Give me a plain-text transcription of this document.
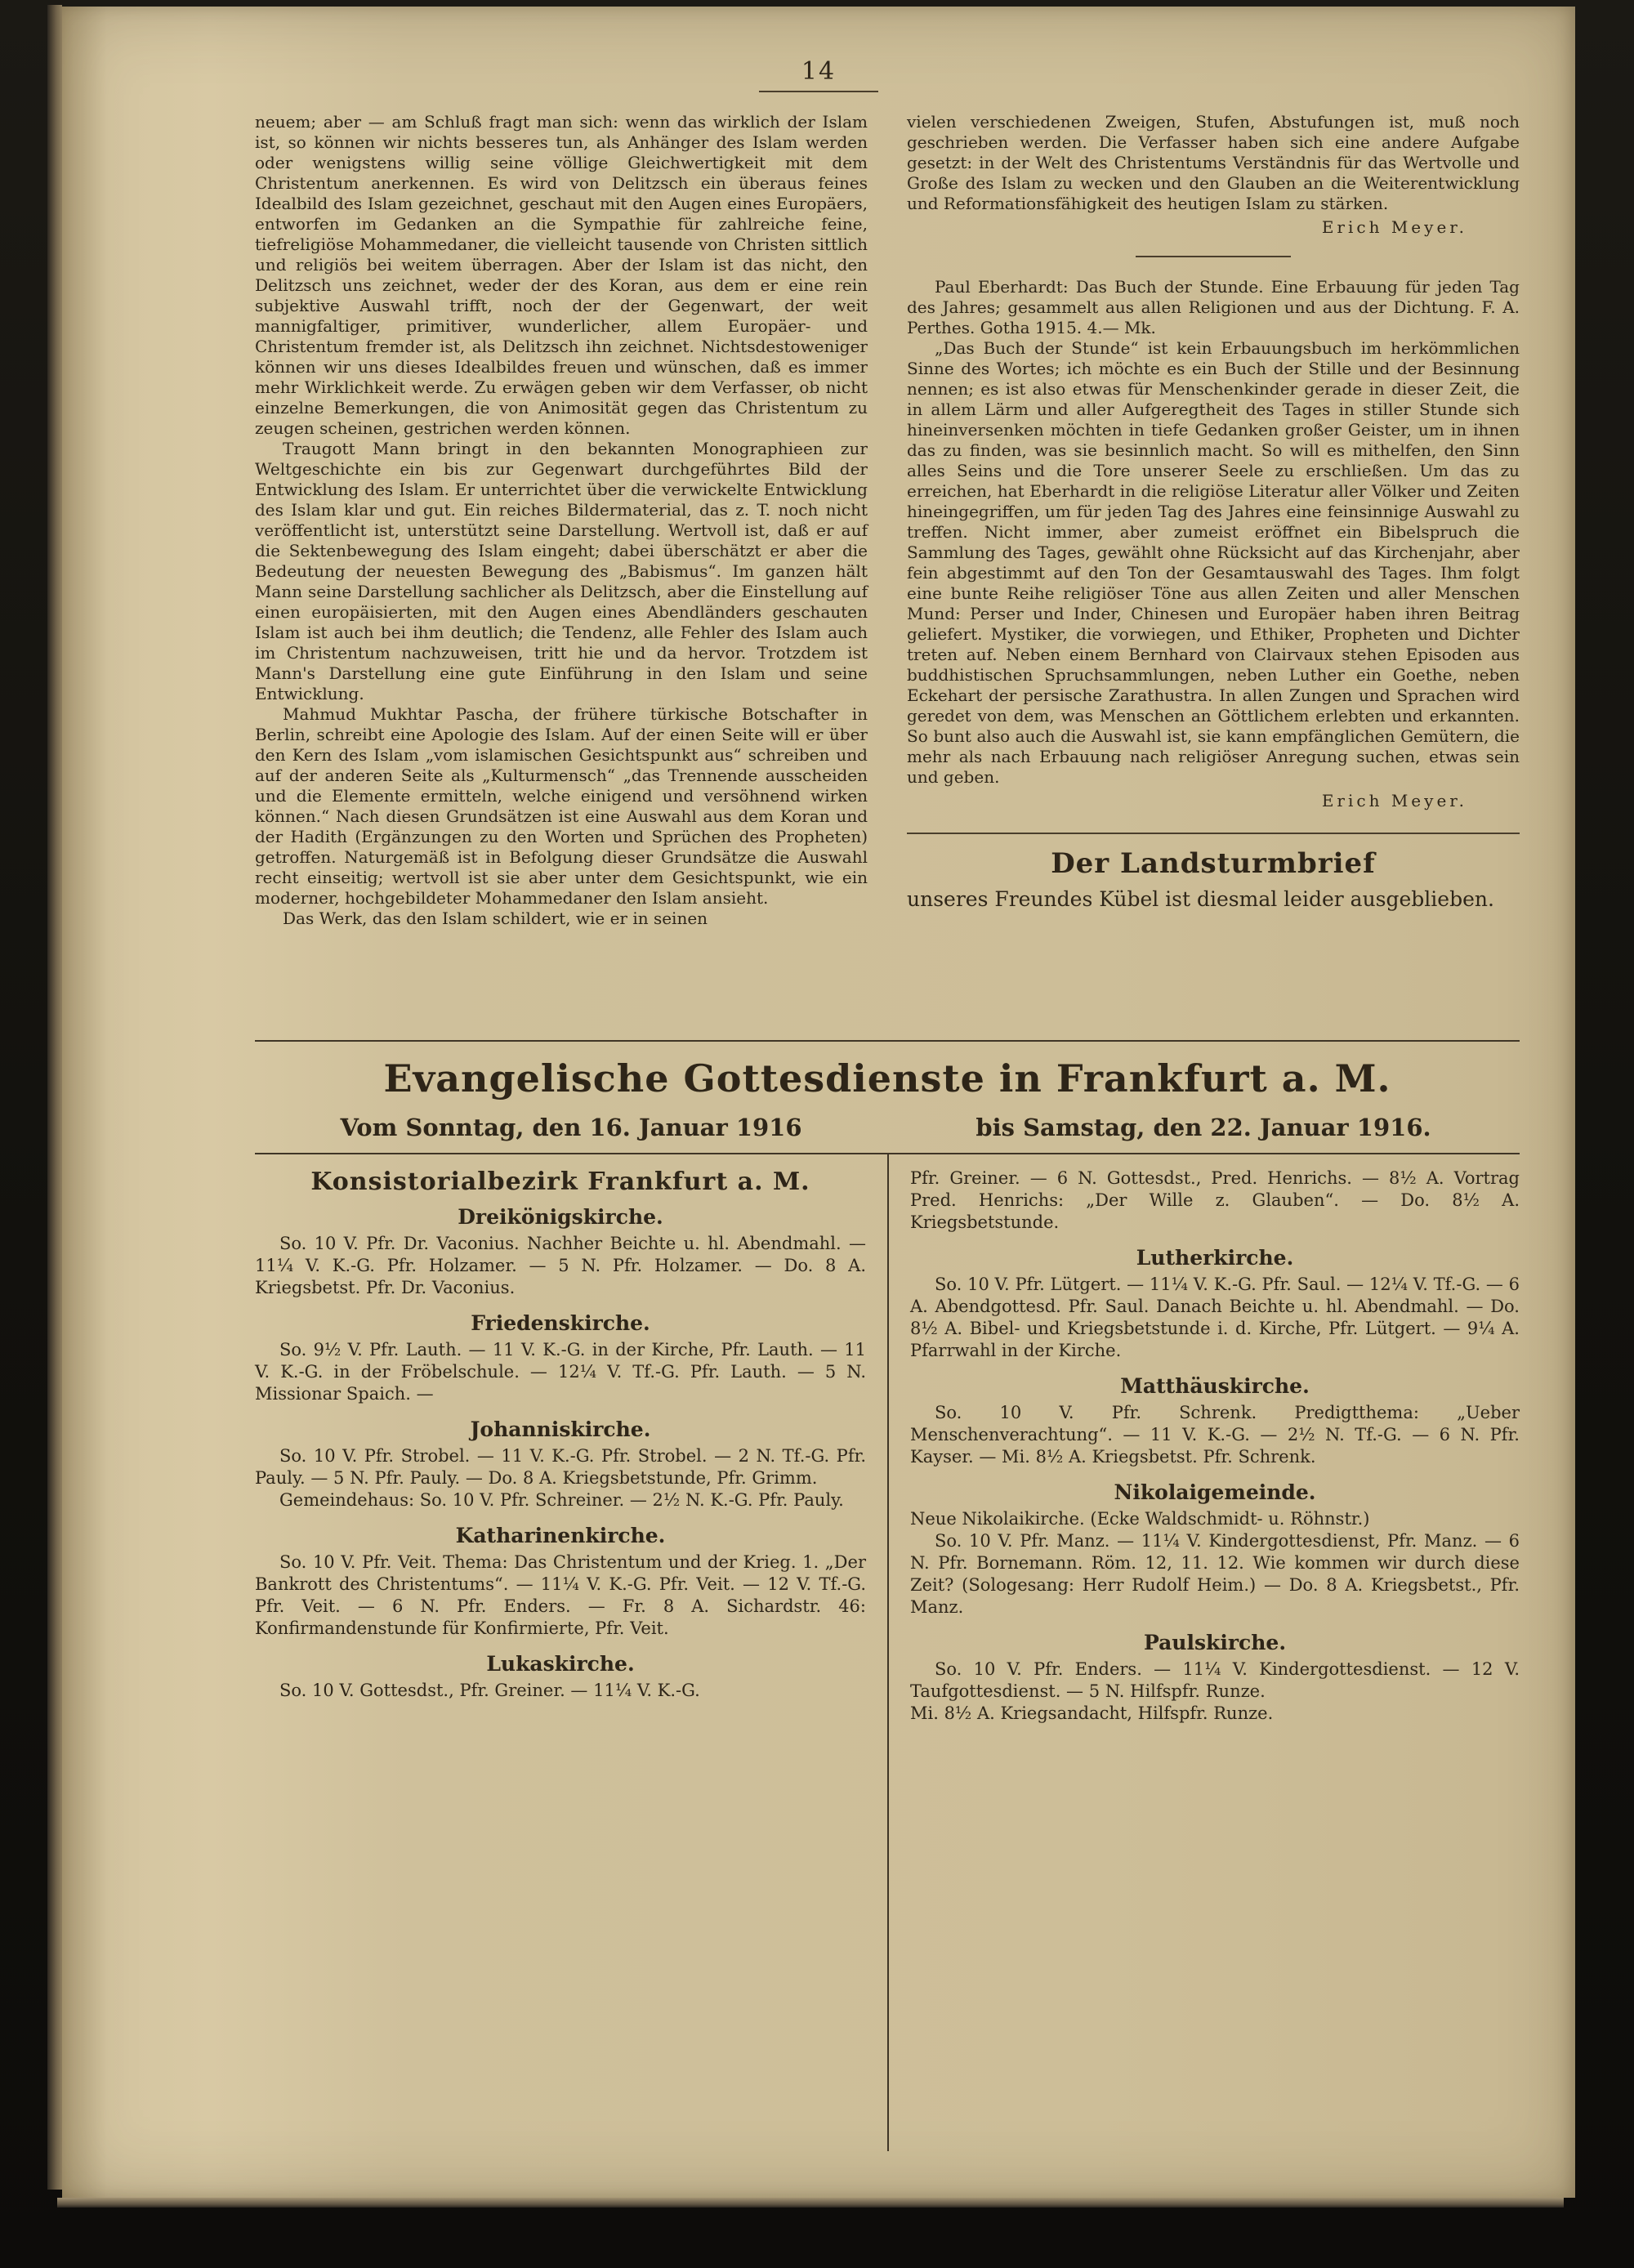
14

neuem; aber — am Schluß fragt man sich: wenn das wirklich der Islam ist, so können wir nichts besseres tun, als Anhänger des Islam werden oder wenigstens willig seine völlige Gleichwertigkeit mit dem Christentum anerkennen. Es wird von Delitzsch ein überaus feines Idealbild des Islam gezeichnet, geschaut mit den Augen eines Europäers, entworfen im Gedanken an die Sympathie für zahlreiche feine, tiefreligiöse Mohammedaner, die vielleicht tausende von Christen sittlich und religiös bei weitem überragen. Aber der Islam ist das nicht, den Delitzsch uns zeichnet, weder der des Koran, aus dem er eine rein subjektive Auswahl trifft, noch der der Gegenwart, der weit mannigfaltiger, primitiver, wunderlicher, allem Europäer- und Christentum fremder ist, als Delitzsch ihn zeichnet. Nichtsdestoweniger können wir uns dieses Idealbildes freuen und wünschen, daß es immer mehr Wirklichkeit werde. Zu erwägen geben wir dem Verfasser, ob nicht einzelne Bemerkungen, die von Animosität gegen das Christentum zu zeugen scheinen, gestrichen werden können.

Traugott Mann bringt in den bekannten Monographieen zur Weltgeschichte ein bis zur Gegenwart durchgeführtes Bild der Entwicklung des Islam. Er unterrichtet über die verwickelte Entwicklung des Islam klar und gut. Ein reiches Bildermaterial, das z. T. noch nicht veröffentlicht ist, unterstützt seine Darstellung. Wertvoll ist, daß er auf die Sektenbewegung des Islam eingeht; dabei überschätzt er aber die Bedeutung der neuesten Bewegung des „Babismus“. Im ganzen hält Mann seine Darstellung sachlicher als Delitzsch, aber die Einstellung auf einen europäisierten, mit den Augen eines Abendländers geschauten Islam ist auch bei ihm deutlich; die Tendenz, alle Fehler des Islam auch im Christentum nachzuweisen, tritt hie und da hervor. Trotzdem ist Mann's Darstellung eine gute Einführung in den Islam und seine Entwicklung.

Mahmud Mukhtar Pascha, der frühere türkische Botschafter in Berlin, schreibt eine Apologie des Islam. Auf der einen Seite will er über den Kern des Islam „vom islamischen Gesichtspunkt aus“ schreiben und auf der anderen Seite als „Kulturmensch“ „das Trennende ausscheiden und die Elemente ermitteln, welche einigend und versöhnend wirken können.“ Nach diesen Grundsätzen ist eine Auswahl aus dem Koran und der Hadith (Ergänzungen zu den Worten und Sprüchen des Propheten) getroffen. Naturgemäß ist in Befolgung dieser Grundsätze die Auswahl recht einseitig; wertvoll ist sie aber unter dem Gesichtspunkt, wie ein moderner, hochgebildeter Mohammedaner den Islam ansieht.

Das Werk, das den Islam schildert, wie er in seinen

vielen verschiedenen Zweigen, Stufen, Abstufungen ist, muß noch geschrieben werden. Die Verfasser haben sich eine andere Aufgabe gesetzt: in der Welt des Christentums Verständnis für das Wertvolle und Große des Islam zu wecken und den Glauben an die Weiterentwicklung und Reformationsfähigkeit des heutigen Islam zu stärken.

Erich Meyer.

Paul Eberhardt: Das Buch der Stunde. Eine Erbauung für jeden Tag des Jahres; gesammelt aus allen Religionen und aus der Dichtung. F. A. Perthes. Gotha 1915. 4.— Mk.

„Das Buch der Stunde“ ist kein Erbauungsbuch im herkömmlichen Sinne des Wortes; ich möchte es ein Buch der Stille und der Besinnung nennen; es ist also etwas für Menschenkinder gerade in dieser Zeit, die in allem Lärm und aller Aufgeregtheit des Tages in stiller Stunde sich hineinversenken möchten in tiefe Gedanken großer Geister, um in ihnen das zu finden, was sie besinnlich macht. So will es mithelfen, den Sinn alles Seins und die Tore unserer Seele zu erschließen. Um das zu erreichen, hat Eberhardt in die religiöse Literatur aller Völker und Zeiten hineingegriffen, um für jeden Tag des Jahres eine feinsinnige Auswahl zu treffen. Nicht immer, aber zumeist eröffnet ein Bibelspruch die Sammlung des Tages, gewählt ohne Rücksicht auf das Kirchenjahr, aber fein abgestimmt auf den Ton der Gesamtauswahl des Tages. Ihm folgt eine bunte Reihe religiöser Töne aus allen Zeiten und aller Menschen Mund: Perser und Inder, Chinesen und Europäer haben ihren Beitrag geliefert. Mystiker, die vorwiegen, und Ethiker, Propheten und Dichter treten auf. Neben einem Bernhard von Clairvaux stehen Episoden aus buddhistischen Spruchsammlungen, neben Luther ein Goethe, neben Eckehart der persische Zarathustra. In allen Zungen und Sprachen wird geredet von dem, was Menschen an Göttlichem erlebten und erkannten. So bunt also auch die Auswahl ist, sie kann empfänglichen Gemütern, die mehr als nach Erbauung nach religiöser Anregung suchen, etwas sein und geben.

Erich Meyer.
Der Landsturmbrief

unseres Freundes Kübel ist diesmal leider ausgeblieben.

Evangelische Gottesdienste in Frankfurt a. M.
Vom Sonntag, den 16. Januar 1916	bis Samstag, den 22. Januar 1916.
Konsistorialbezirk Frankfurt a. M.
Dreikönigskirche.

So. 10 V. Pfr. Dr. Vaconius. Nachher Beichte u. hl. Abendmahl. — 11¼ V. K.-G. Pfr. Holzamer. — 5 N. Pfr. Holzamer. — Do. 8 A. Kriegsbetst. Pfr. Dr. Vaconius.

Friedenskirche.

So. 9½ V. Pfr. Lauth. — 11 V. K.-G. in der Kirche, Pfr. Lauth. — 11 V. K.-G. in der Fröbelschule. — 12¼ V. Tf.-G. Pfr. Lauth. — 5 N. Missionar Spaich. —

Johanniskirche.

So. 10 V. Pfr. Strobel. — 11 V. K.-G. Pfr. Strobel. — 2 N. Tf.-G. Pfr. Pauly. — 5 N. Pfr. Pauly. — Do. 8 A. Kriegsbetstunde, Pfr. Grimm.

Gemeindehaus: So. 10 V. Pfr. Schreiner. — 2½ N. K.-G. Pfr. Pauly.

Katharinenkirche.

So. 10 V. Pfr. Veit. Thema: Das Christentum und der Krieg. 1. „Der Bankrott des Christentums“. — 11¼ V. K.-G. Pfr. Veit. — 12 V. Tf.-G. Pfr. Veit. — 6 N. Pfr. Enders. — Fr. 8 A. Sichardstr. 46: Konfirmandenstunde für Konfirmierte, Pfr. Veit.

Lukaskirche.

So. 10 V. Gottesdst., Pfr. Greiner. — 11¼ V. K.-G.

Pfr. Greiner. — 6 N. Gottesdst., Pred. Henrichs. — 8½ A. Vortrag Pred. Henrichs: „Der Wille z. Glauben“. — Do. 8½ A. Kriegsbetstunde.

Lutherkirche.

So. 10 V. Pfr. Lütgert. — 11¼ V. K.-G. Pfr. Saul. — 12¼ V. Tf.-G. — 6 A. Abendgottesd. Pfr. Saul. Danach Beichte u. hl. Abendmahl. — Do. 8½ A. Bibel- und Kriegsbetstunde i. d. Kirche, Pfr. Lütgert. — 9¼ A. Pfarrwahl in der Kirche.

Matthäuskirche.

So. 10 V. Pfr. Schrenk. Predigtthema: „Ueber Menschenverachtung“. — 11 V. K.-G. — 2½ N. Tf.-G. — 6 N. Pfr. Kayser. — Mi. 8½ A. Kriegsbetst. Pfr. Schrenk.

Nikolaigemeinde.

Neue Nikolaikirche. (Ecke Waldschmidt- u. Röhnstr.)

So. 10 V. Pfr. Manz. — 11¼ V. Kindergottesdienst, Pfr. Manz. — 6 N. Pfr. Bornemann. Röm. 12, 11. 12. Wie kommen wir durch diese Zeit? (Sologesang: Herr Rudolf Heim.) — Do. 8 A. Kriegsbetst., Pfr. Manz.

Paulskirche.

So. 10 V. Pfr. Enders. — 11¼ V. Kindergottesdienst. — 12 V. Taufgottesdienst. — 5 N. Hilfspfr. Runze.

Mi. 8½ A. Kriegsandacht, Hilfspfr. Runze.
